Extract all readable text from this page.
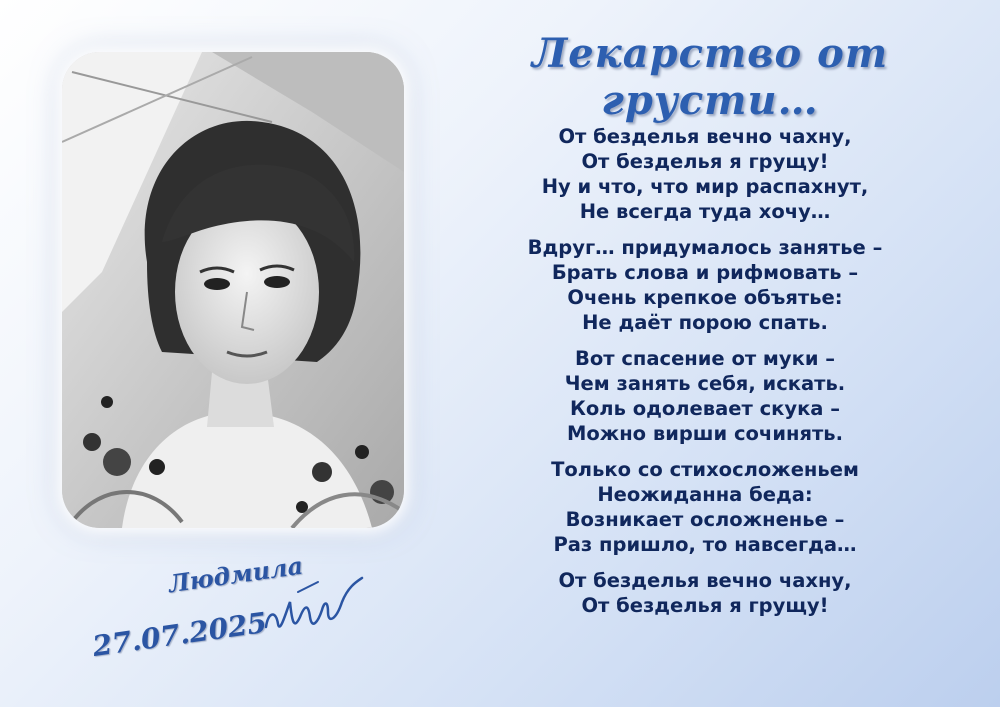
Лекарство от грусти…
От безделья вечно чахну,
От безделья я грущу!
Ну и что, что мир распахнут,
Не всегда туда хочу…
Вдруг… придумалось занятье –
Брать слова и рифмовать –
Очень крепкое объятье:
Не даёт порою спать.
Вот спасение от муки –
Чем занять себя, искать.
Коль одолевает скука –
Можно вирши сочинять.
Только со стихосложеньем
Неожиданна беда:
Возникает осложненье –
Раз пришло, то навсегда…
От безделья вечно чахну,
От безделья я грущу!
Людмила
27.07.2025
